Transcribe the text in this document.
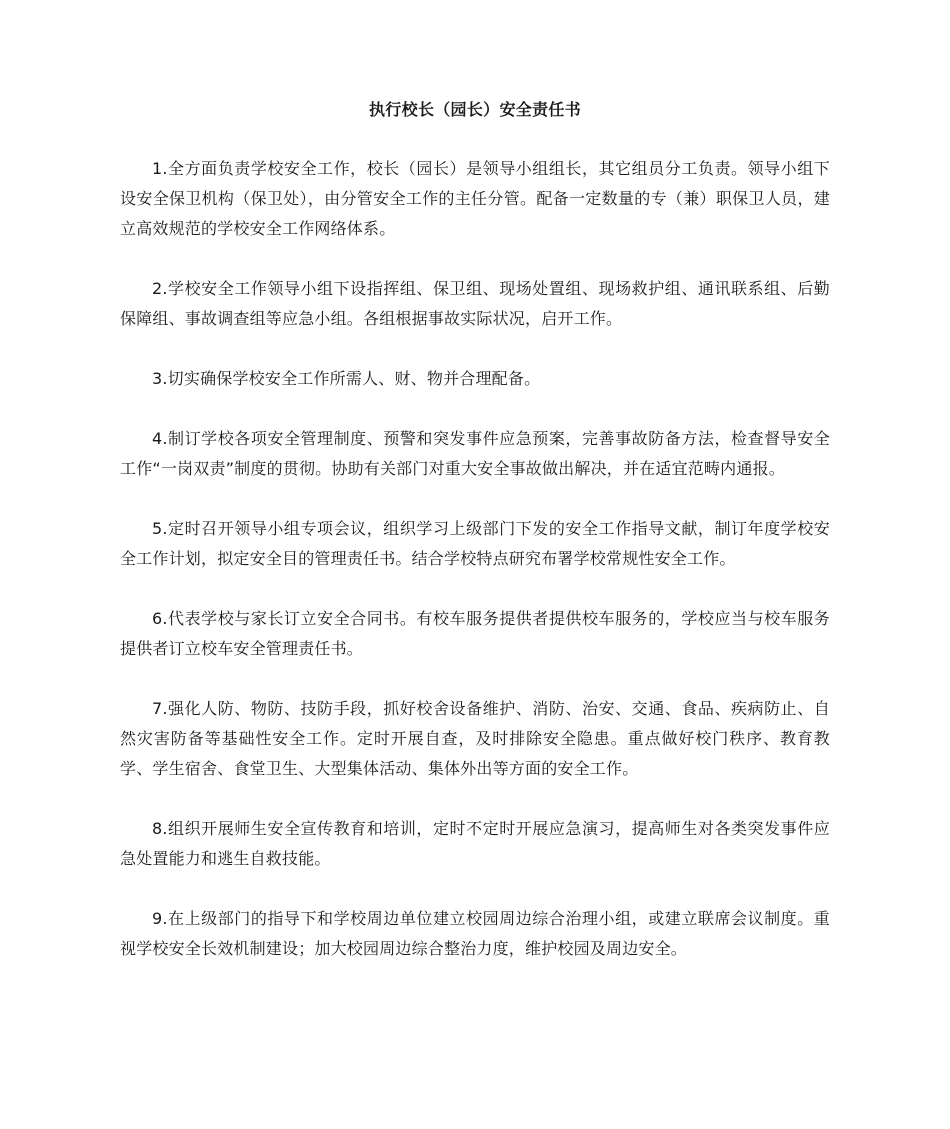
执行校长（园长）安全责任书

1.全方面负责学校安全工作，校长（园长）是领导小组组长，其它组员分工负责。领导小组下设安全保卫机构（保卫处），由分管安全工作的主任分管。配备一定数量的专（兼）职保卫人员，建立高效规范的学校安全工作网络体系。

2.学校安全工作领导小组下设指挥组、保卫组、现场处置组、现场救护组、通讯联系组、后勤保障组、事故调查组等应急小组。各组根据事故实际状况，启开工作。

3.切实确保学校安全工作所需人、财、物并合理配备。

4.制订学校各项安全管理制度、预警和突发事件应急预案，完善事故防备方法，检查督导安全工作“一岗双责”制度的贯彻。协助有关部门对重大安全事故做出解决，并在适宜范畴内通报。

5.定时召开领导小组专项会议，组织学习上级部门下发的安全工作指导文献，制订年度学校安全工作计划，拟定安全目的管理责任书。结合学校特点研究布署学校常规性安全工作。

6.代表学校与家长订立安全合同书。有校车服务提供者提供校车服务的，学校应当与校车服务提供者订立校车安全管理责任书。

7.强化人防、物防、技防手段，抓好校舍设备维护、消防、治安、交通、食品、疾病防止、自然灾害防备等基础性安全工作。定时开展自查，及时排除安全隐患。重点做好校门秩序、教育教学、学生宿舍、食堂卫生、大型集体活动、集体外出等方面的安全工作。

8.组织开展师生安全宣传教育和培训，定时不定时开展应急演习，提高师生对各类突发事件应急处置能力和逃生自救技能。

9.在上级部门的指导下和学校周边单位建立校园周边综合治理小组，或建立联席会议制度。重视学校安全长效机制建设；加大校园周边综合整治力度，维护校园及周边安全。
